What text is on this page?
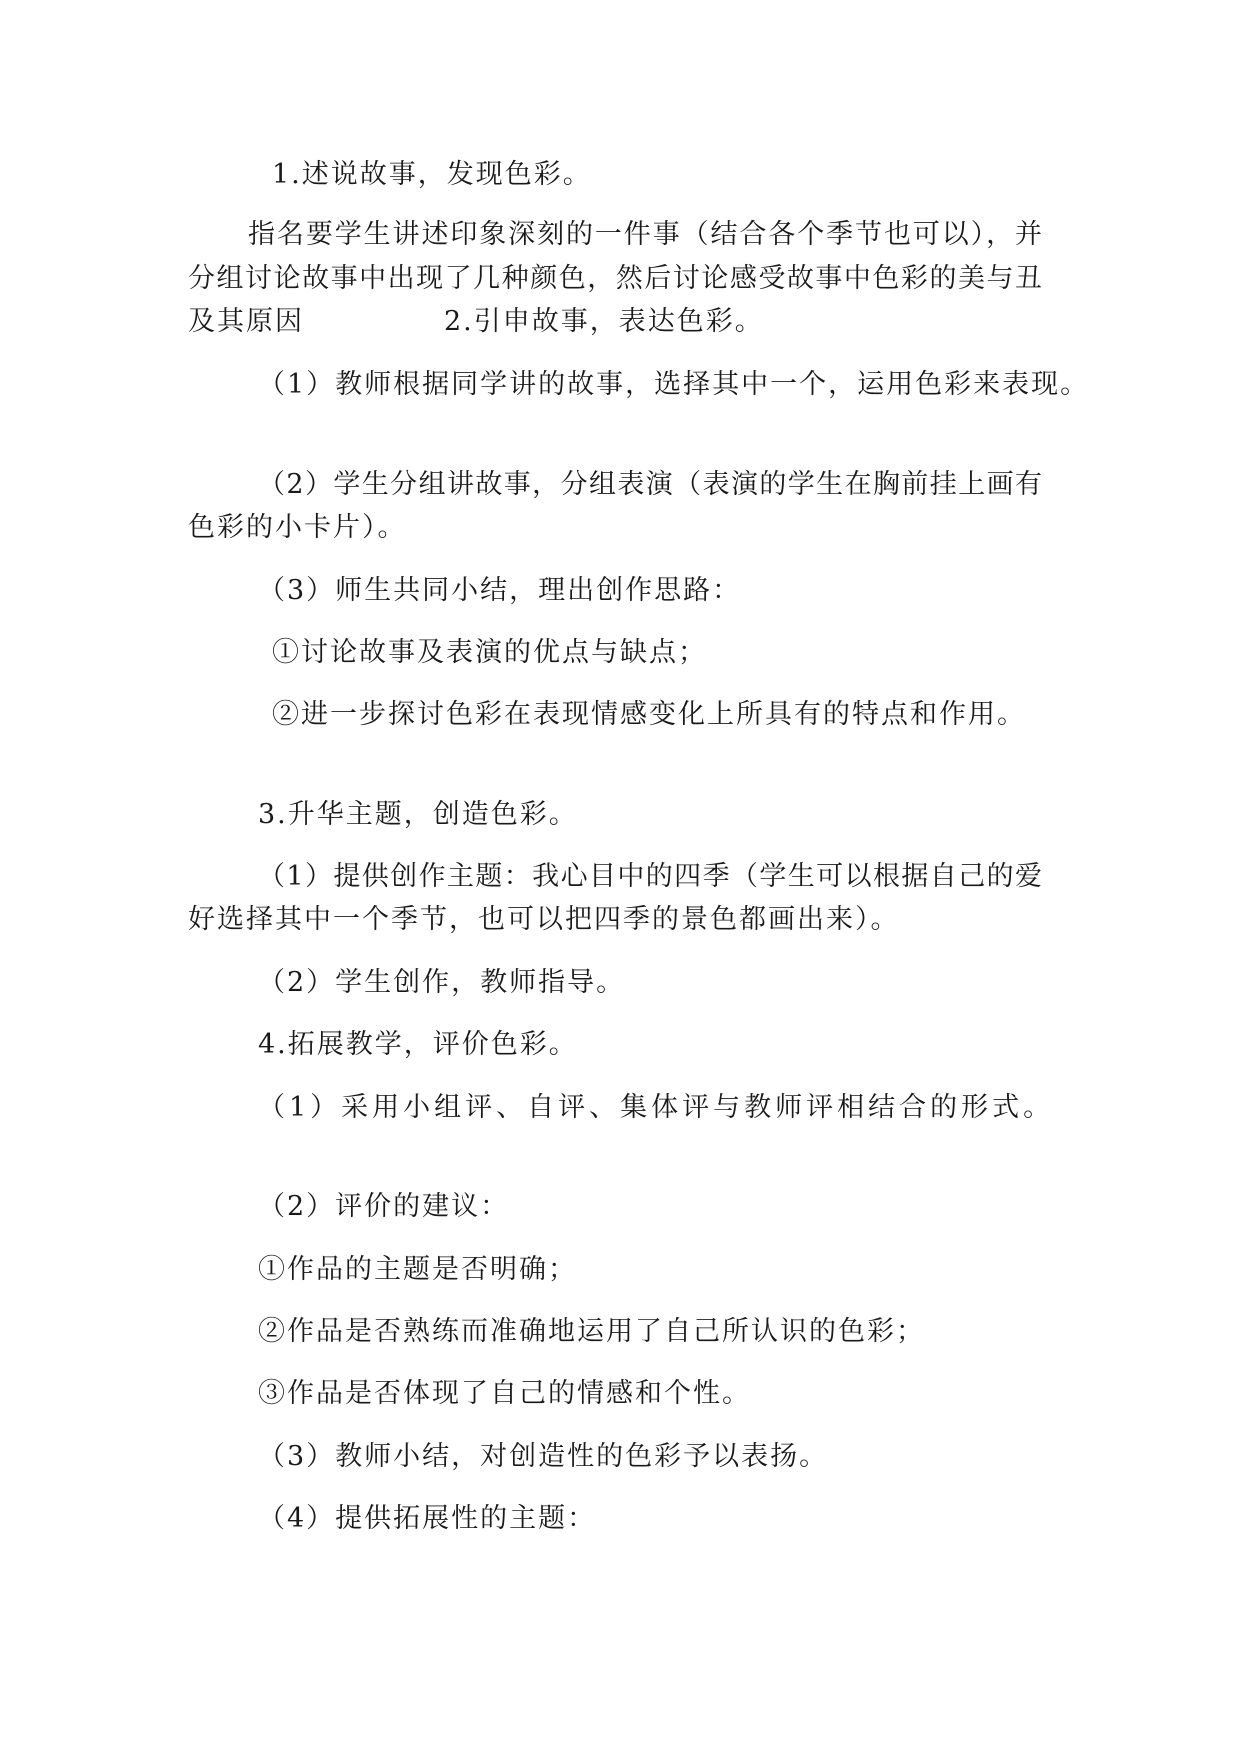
1.述说故事，发现色彩。
指名要学生讲述印象深刻的一件事（结合各个季节也可以），并
分组讨论故事中出现了几种颜色，然后讨论感受故事中色彩的美与丑
及其原因	2.引申故事，表达色彩。
（1）教师根据同学讲的故事，选择其中一个，运用色彩来表现。
（2）学生分组讲故事，分组表演（表演的学生在胸前挂上画有
色彩的小卡片）。
（3）师生共同小结，理出创作思路：
①讨论故事及表演的优点与缺点；
②进一步探讨色彩在表现情感变化上所具有的特点和作用。
3.升华主题，创造色彩。
（1）提供创作主题：我心目中的四季（学生可以根据自己的爱
好选择其中一个季节，也可以把四季的景色都画出来）。
（2）学生创作，教师指导。
4.拓展教学，评价色彩。
（1）采用小组评、自评、集体评与教师评相结合的形式。
（2）评价的建议：
①作品的主题是否明确；
②作品是否熟练而准确地运用了自己所认识的色彩；
③作品是否体现了自己的情感和个性。
（3）教师小结，对创造性的色彩予以表扬。
（4）提供拓展性的主题：
